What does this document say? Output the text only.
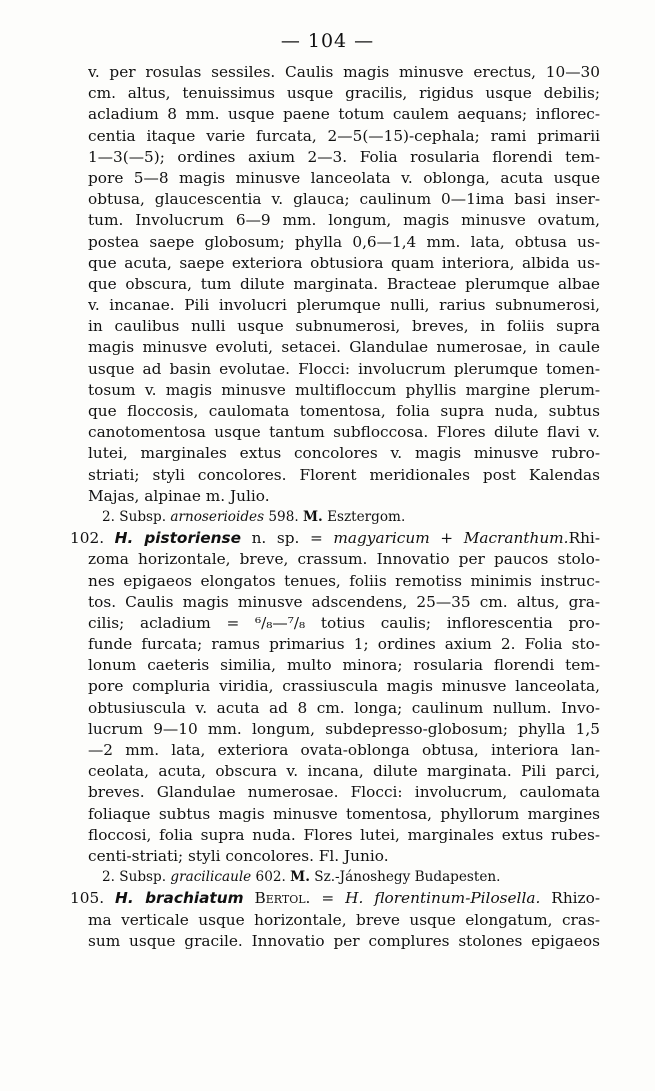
— 104 —
v. per rosulas sessiles. Caulis magis minusve erectus, 10—30
cm. altus, tenuissimus usque gracilis, rigidus usque debilis;
acladium 8 mm. usque paene totum caulem aequans; infloreс-
centia itaque varie furcata, 2—5(—15)-cephala; rami primarii
1—3(—5); ordines axium 2—3. Folia rosularia florendi tem-
pore 5—8 magis minusve lanceolata v. oblonga, acuta usque
obtusa, glaucescentia v. glauca; caulinum 0—1ima basi inser-
tum. Involucrum 6—9 mm. longum, magis minusve ovatum,
postea saepe globosum; phylla 0,6—1,4 mm. lata, obtusa us-
que acuta, saepe exteriora obtusiora quam interiora, albida us-
que obscura, tum dilute marginata. Bracteae plerumque albae
v. incanae. Pili involucri plerumque nulli, rarius subnumerosi,
in caulibus nulli usque subnumerosi, breves, in foliis supra
magis minusve evoluti, setacei. Glandulae numerosae, in caule
usque ad basin evolutae. Flocci: involucrum plerumque tomen-
tosum v. magis minusve multifloccum phyllis margine plerum-
que floccosis, caulomata tomentosa, folia supra nuda, subtus
canotomentosa usque tantum subfloccosa. Flores dilute flavi v.
lutei, marginales extus concolores v. magis minusve rubro-
striati; styli concolores. Florent meridionales post Kalendas
Majas, alpinae m. Julio.
2. Subsp. arnoserioides 598. M. Esztergom.
102. H. pistoriense n. sp. = magyaricum + Macranthum.Rhi-
zoma horizontale, breve, crassum. Innovatio per paucos stolo-
nes epigaeos elongatos tenues, foliis remotiss minimis instruc-
tos. Caulis magis minusve adscendens, 25—35 cm. altus, gra-
cilis; acladium = ⁶/₈—⁷/₈ totius caulis; inflorescentia pro-
funde furcata; ramus primarius 1; ordines axium 2. Folia sto-
lonum caeteris similia, multo minora; rosularia florendi tem-
pore compluria viridia, crassiuscula magis minusve lanceolata,
obtusiuscula v. acuta ad 8 cm. longa; caulinum nullum. Invo-
lucrum 9—10 mm. longum, subdepresso-globosum; phylla 1,5
—2 mm. lata, exteriora ovata-oblonga obtusa, interiora lan-
ceolata, acuta, obscura v. incana, dilute marginata. Pili parci,
breves. Glandulae numerosae. Flocci: involucrum, caulomata
foliaque subtus magis minusve tomentosa, phyllorum margines
floccosi, folia supra nuda. Flores lutei, marginales extus rubes-
centi-striati; styli concolores. Fl. Junio.
2. Subsp. gracilicaule 602. M. Sz.-Jánoshegy Budapesten.
105. H. brachiatum Bertol. = H. florentinum-Pilosella. Rhizo-
ma verticale usque horizontale, breve usque elongatum, cras-
sum usque gracile. Innovatio per complures stolones epigaeos
